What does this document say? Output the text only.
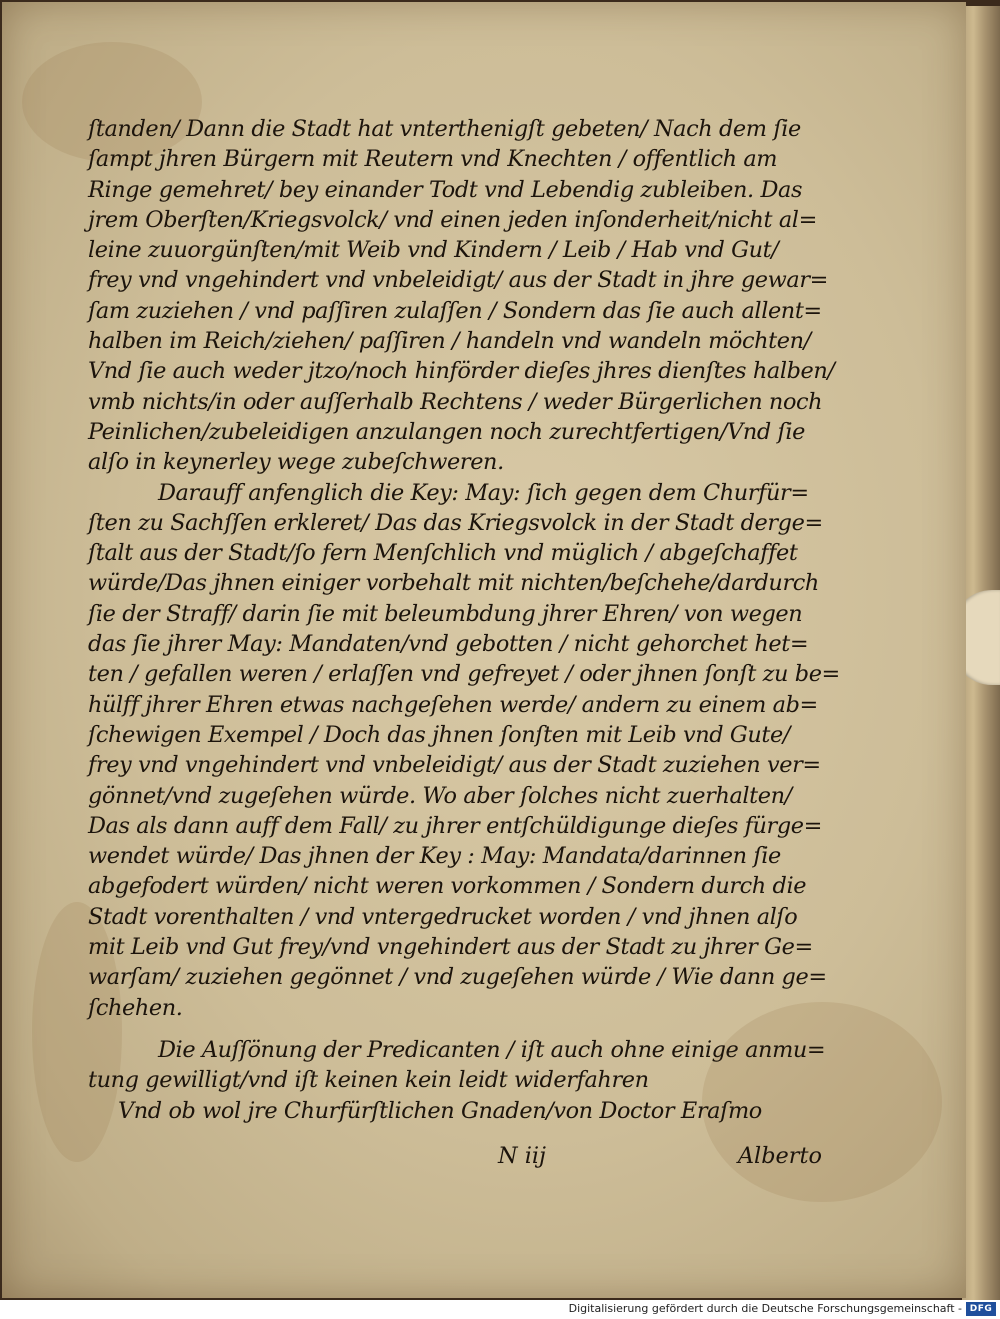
ſtanden/ Dann die Stadt hat vnterthenigſt gebeten/ Nach dem ſie
ſampt jhren Bürgern mit Reutern vnd Knechten / offentlich am
Ringe gemehret/ bey einander Todt vnd Lebendig zubleiben. Das
jrem Oberſten/Kriegsvolck/ vnd einen jeden inſonderheit/nicht al=
leine zuuorgünſten/mit Weib vnd Kindern / Leib / Hab vnd Gut/
frey vnd vngehindert vnd vnbeleidigt/ aus der Stadt in jhre gewar=
ſam zuziehen / vnd paſſiren zulaſſen / Sondern das ſie auch allent=
halben im Reich/ziehen/ paſſiren / handeln vnd wandeln möchten/
Vnd ſie auch weder jtzo/noch hinförder dieſes jhres dienſtes halben/
vmb nichts/in oder auſſerhalb Rechtens / weder Bürgerlichen noch
Peinlichen/zubeleidigen anzulangen noch zurechtfertigen/Vnd ſie
alſo in keynerley wege zubeſchweren.
Darauff anfenglich die Key: May: ſich gegen dem Churfür=
ſten zu Sachſſen erkleret/ Das das Kriegsvolck in der Stadt derge=
ſtalt aus der Stadt/ſo fern Menſchlich vnd müglich / abgeſchaffet
würde/Das jhnen einiger vorbehalt mit nichten/beſchehe/dardurch
ſie der Straff/ darin ſie mit beleumbdung jhrer Ehren/ von wegen
das ſie jhrer May: Mandaten/vnd gebotten / nicht gehorchet het=
ten / gefallen weren / erlaſſen vnd gefreyet / oder jhnen ſonſt zu be=
hülff jhrer Ehren etwas nachgeſehen werde/ andern zu einem ab=
ſchewigen Exempel / Doch das jhnen ſonſten mit Leib vnd Gute/
frey vnd vngehindert vnd vnbeleidigt/ aus der Stadt zuziehen ver=
gönnet/vnd zugeſehen würde. Wo aber ſolches nicht zuerhalten/
Das als dann auff dem Fall/ zu jhrer entſchüldigunge dieſes fürge=
wendet würde/ Das jhnen der Key : May: Mandata/darinnen ſie
abgefodert würden/ nicht weren vorkommen / Sondern durch die
Stadt vorenthalten / vnd vntergedrucket worden / vnd jhnen alſo
mit Leib vnd Gut frey/vnd vngehindert aus der Stadt zu jhrer Ge=
warſam/ zuziehen gegönnet / vnd zugeſehen würde / Wie dann ge=
ſchehen.
Die Auſſönung der Predicanten / iſt auch ohne einige anmu=
tung gewilligt/vnd iſt keinen kein leidt widerfahren
Vnd ob wol jre Churfürſtlichen Gnaden/von Doctor Eraſmo
N iij	Alberto
Digitalisierung gefördert durch die Deutsche Forschungsgemeinschaft - DFG
